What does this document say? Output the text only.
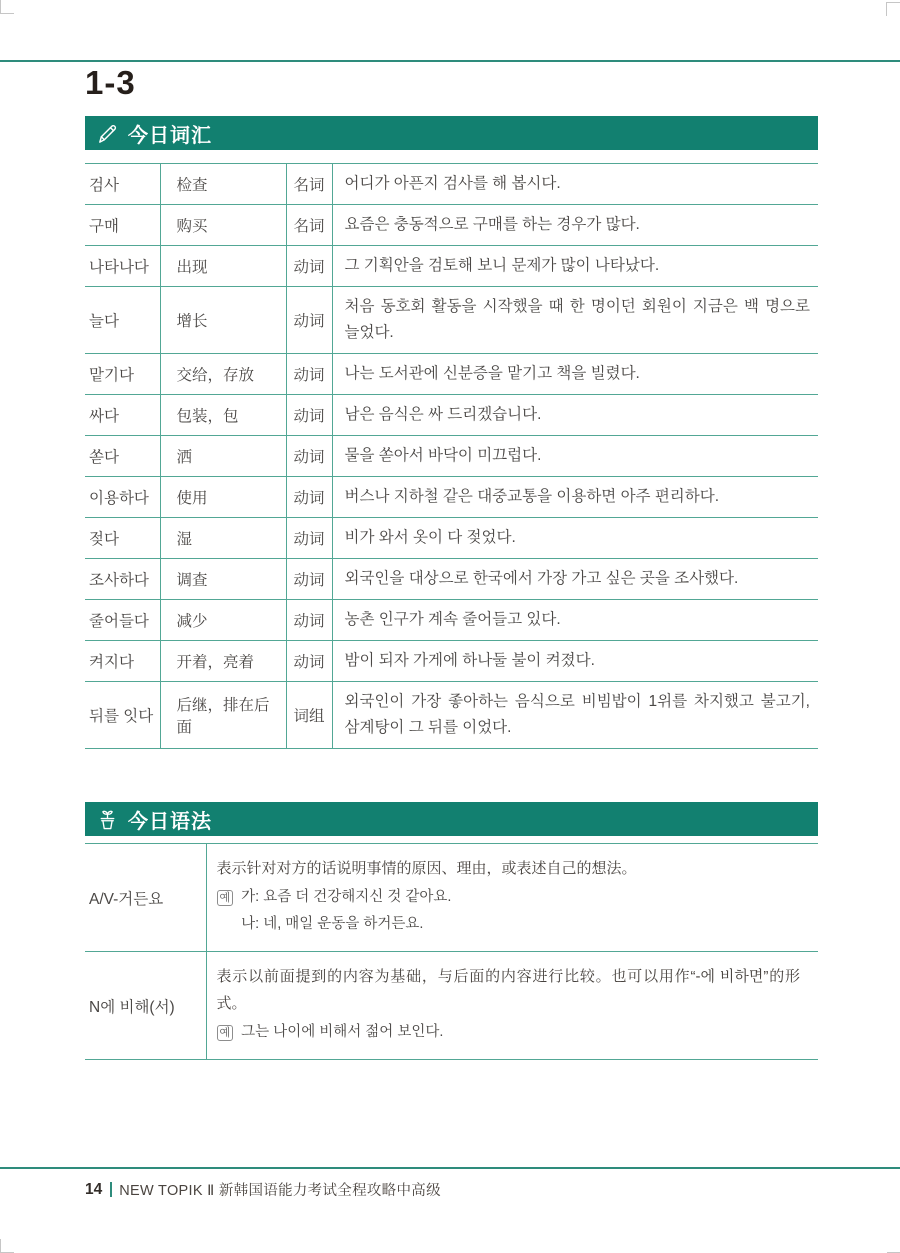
1-3
今日词汇
검사	检查	名词	어디가 아픈지 검사를 해 봅시다.
구매	购买	名词	요즘은 충동적으로 구매를 하는 경우가 많다.
나타나다	出现	动词	그 기획안을 검토해 보니 문제가 많이 나타났다.
늘다	增长	动词	처음 동호회 활동을 시작했을 때 한 명이던 회원이 지금은 백 명으로 늘었다.
맡기다	交给，存放	动词	나는 도서관에 신분증을 맡기고 책을 빌렸다.
싸다	包装，包	动词	남은 음식은 싸 드리겠습니다.
쏟다	洒	动词	물을 쏟아서 바닥이 미끄럽다.
이용하다	使用	动词	버스나 지하철 같은 대중교통을 이용하면 아주 편리하다.
젖다	湿	动词	비가 와서 옷이 다 젖었다.
조사하다	调查	动词	외국인을 대상으로 한국에서 가장 가고 싶은 곳을 조사했다.
줄어들다	减少	动词	농촌 인구가 계속 줄어들고 있다.
켜지다	开着，亮着	动词	밤이 되자 가게에 하나둘 불이 켜졌다.
뒤를 잇다	后继，排在后面	词组	외국인이 가장 좋아하는 음식으로 비빔밥이 1위를 차지했고 불고기, 삼계탕이 그 뒤를 이었다.
今日语法
A/V-거든요	表示针对对方的话说明事情的原因、理由，或表述自己的想法。

예 가: 요즘 더 건강해지신 것 같아요.
나: 네, 매일 운동을 하거든요.

N에 비해(서)	表示以前面提到的内容为基础，与后面的内容进行比较。也可以用作“-에 비하면”的形式。

예 그는 나이에 비해서 젊어 보인다.
14 NEW TOPIK Ⅱ 新韩国语能力考试全程攻略中高级
